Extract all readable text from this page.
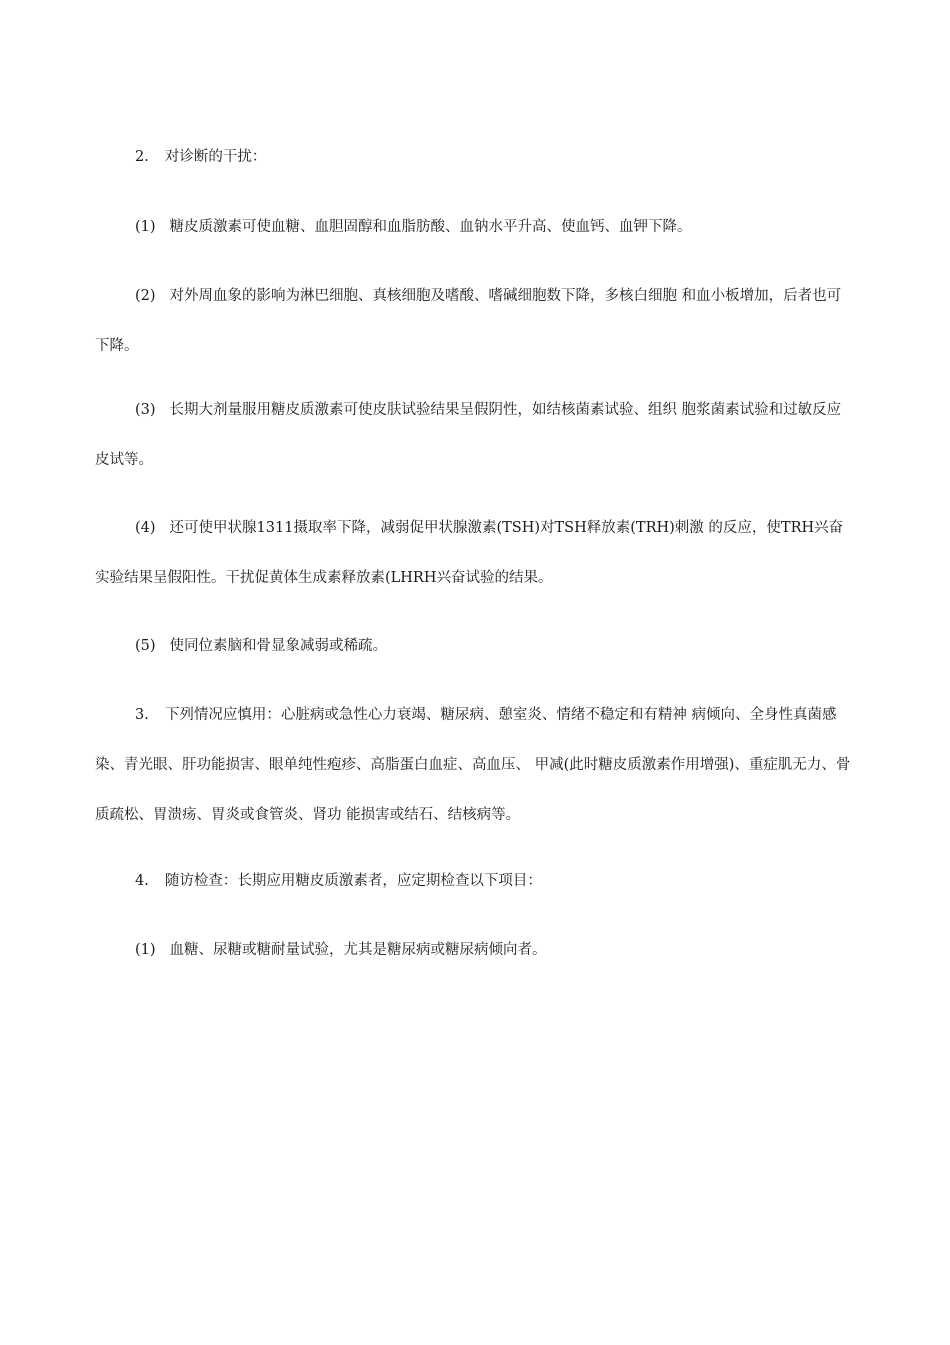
2. 对诊断的干扰：

(1) 糖皮质激素可使血糖、血胆固醇和血脂肪酸、血钠水平升高、使血钙、血钾下降。

(2) 对外周血象的影响为淋巴细胞、真核细胞及嗜酸、嗜碱细胞数下降，多核白细胞 和血小板增加，后者也可下降。

(3) 长期大剂量服用糖皮质激素可使皮肤试验结果呈假阴性，如结核菌素试验、组织 胞浆菌素试验和过敏反应皮试等。

(4) 还可使甲状腺1311摄取率下降，减弱促甲状腺激素(TSH)对TSH释放素(TRH)刺激 的反应，使TRH兴奋实验结果呈假阳性。干扰促黄体生成素释放素(LHRH兴奋试验的结果。

(5) 使同位素脑和骨显象减弱或稀疏。

3. 下列情况应慎用：心脏病或急性心力衰竭、糖尿病、憩室炎、情绪不稳定和有精神 病倾向、全身性真菌感染、青光眼、肝功能损害、眼单纯性疱疹、高脂蛋白血症、高血压、 甲减(此时糖皮质激素作用增强)、重症肌无力、骨质疏松、胃溃疡、胃炎或食管炎、肾功 能损害或结石、结核病等。

4. 随访检查：长期应用糖皮质激素者，应定期检查以下项目：

(1) 血糖、尿糖或糖耐量试验，尤其是糖尿病或糖尿病倾向者。
